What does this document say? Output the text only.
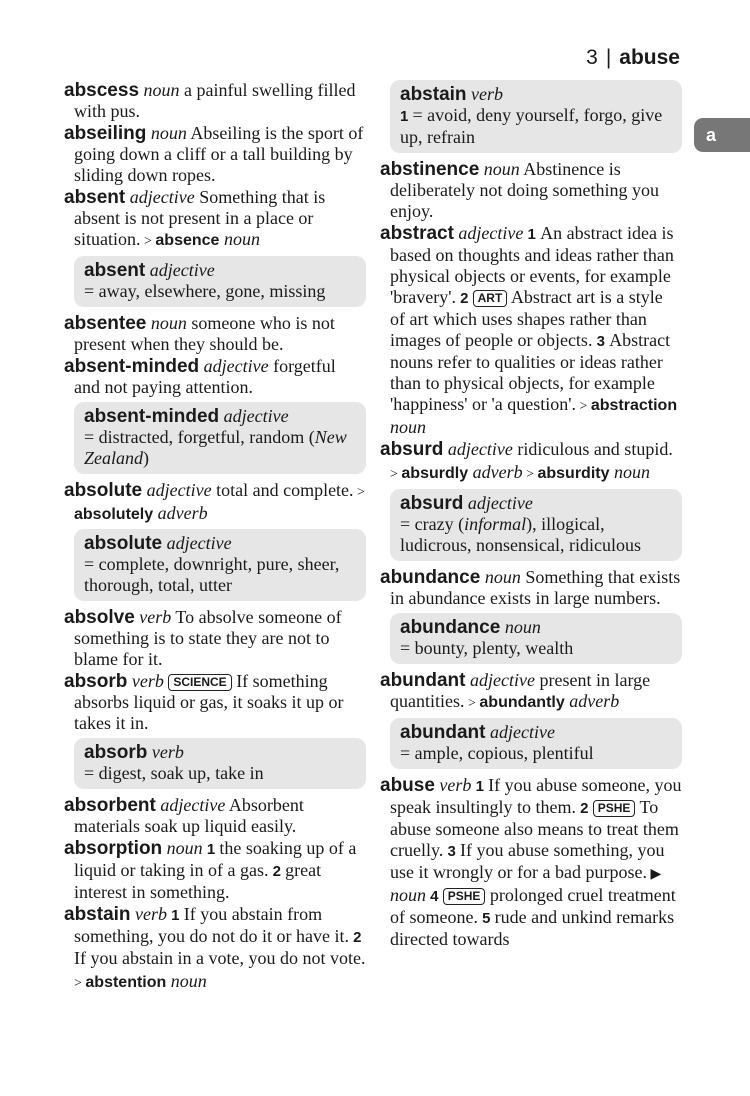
3 | abuse
a
abscess noun a painful swelling filled with pus.
abseiling noun Abseiling is the sport of going down a cliff or a tall building by sliding down ropes.
absent adjective Something that is absent is not present in a place or situation. > absence noun
absent adjective
= away, elsewhere, gone, missing
absentee noun someone who is not present when they should be.
absent-minded adjective forgetful and not paying attention.
absent-minded adjective
= distracted, forgetful, random (New Zealand)
absolute adjective total and complete. > absolutely adverb
absolute adjective
= complete, downright, pure, sheer, thorough, total, utter
absolve verb To absolve someone of something is to state they are not to blame for it.
absorb verb SCIENCE If something absorbs liquid or gas, it soaks it up or takes it in.
absorb verb
= digest, soak up, take in
absorbent adjective Absorbent materials soak up liquid easily.
absorption noun 1 the soaking up of a liquid or taking in of a gas. 2 great interest in something.
abstain verb 1 If you abstain from something, you do not do it or have it. 2 If you abstain in a vote, you do not vote. > abstention noun
abstain verb
1 = avoid, deny yourself, forgo, give up, refrain
abstinence noun Abstinence is deliberately not doing something you enjoy.
abstract adjective 1 An abstract idea is based on thoughts and ideas rather than physical objects or events, for example 'bravery'. 2 ART Abstract art is a style of art which uses shapes rather than images of people or objects. 3 Abstract nouns refer to qualities or ideas rather than to physical objects, for example 'happiness' or 'a question'. > abstraction noun
absurd adjective ridiculous and stupid. > absurdly adverb > absurdity noun
absurd adjective
= crazy (informal), illogical, ludicrous, nonsensical, ridiculous
abundance noun Something that exists in abundance exists in large numbers.
abundance noun
= bounty, plenty, wealth
abundant adjective present in large quantities. > abundantly adverb
abundant adjective
= ample, copious, plentiful
abuse verb 1 If you abuse someone, you speak insultingly to them. 2 PSHE To abuse someone also means to treat them cruelly. 3 If you abuse something, you use it wrongly or for a bad purpose. ▶ noun 4 PSHE prolonged cruel treatment of someone. 5 rude and unkind remarks directed towards
